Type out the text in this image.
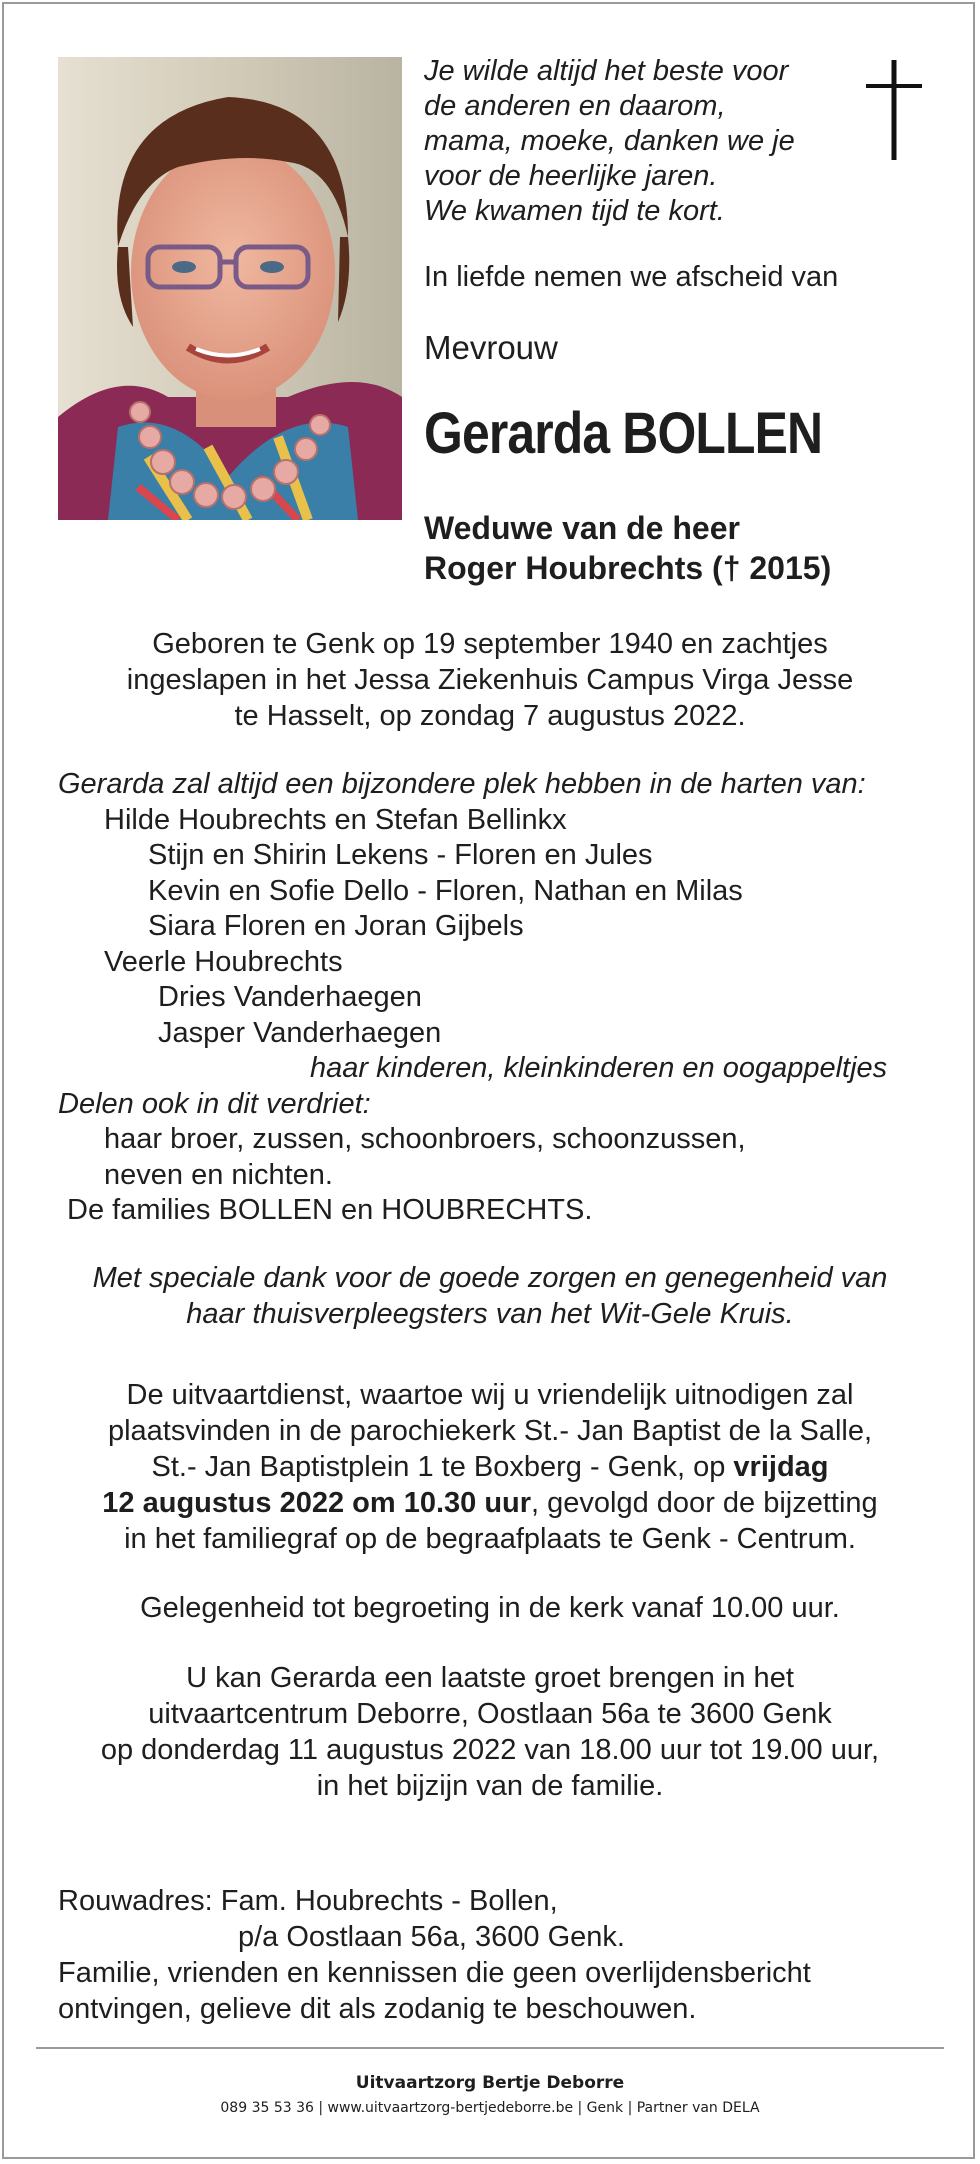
Je wilde altijd het beste voor
de anderen en daarom,
mama, moeke, danken we je
voor de heerlijke jaren.
We kwamen tijd te kort.
In liefde nemen we afscheid van
Mevrouw
Gerarda BOLLEN
Weduwe van de heer
Roger Houbrechts († 2015)
Geboren te Genk op 19 september 1940 en zachtjes
ingeslapen in het Jessa Ziekenhuis Campus Virga Jesse
te Hasselt, op zondag 7 augustus 2022.
Gerarda zal altijd een bijzondere plek hebben in de harten van:
Hilde Houbrechts en Stefan Bellinkx
Stijn en Shirin Lekens - Floren en Jules
Kevin en Sofie Dello - Floren, Nathan en Milas
Siara Floren en Joran Gijbels
Veerle Houbrechts
Dries Vanderhaegen
Jasper Vanderhaegen
haar kinderen, kleinkinderen en oogappeltjes
Delen ook in dit verdriet:
haar broer, zussen, schoonbroers, schoonzussen,
neven en nichten.
De families BOLLEN en HOUBRECHTS.
Met speciale dank voor de goede zorgen en genegenheid van
haar thuisverpleegsters van het Wit-Gele Kruis.
De uitvaartdienst, waartoe wij u vriendelijk uitnodigen zal
plaatsvinden in de parochiekerk St.- Jan Baptist de la Salle,
St.- Jan Baptistplein 1 te Boxberg - Genk, op vrijdag
12 augustus 2022 om 10.30 uur, gevolgd door de bijzetting
in het familiegraf op de begraafplaats te Genk - Centrum.
Gelegenheid tot begroeting in de kerk vanaf 10.00 uur.
U kan Gerarda een laatste groet brengen in het
uitvaartcentrum Deborre, Oostlaan 56a te 3600 Genk
op donderdag 11 augustus 2022 van 18.00 uur tot 19.00 uur,
in het bijzijn van de familie.
Rouwadres: Fam. Houbrechts - Bollen,
p/a Oostlaan 56a, 3600 Genk.
Familie, vrienden en kennissen die geen overlijdensbericht
ontvingen, gelieve dit als zodanig te beschouwen.
Uitvaartzorg Bertje Deborre
089 35 53 36 | www.uitvaartzorg-bertjedeborre.be | Genk | Partner van DELA
